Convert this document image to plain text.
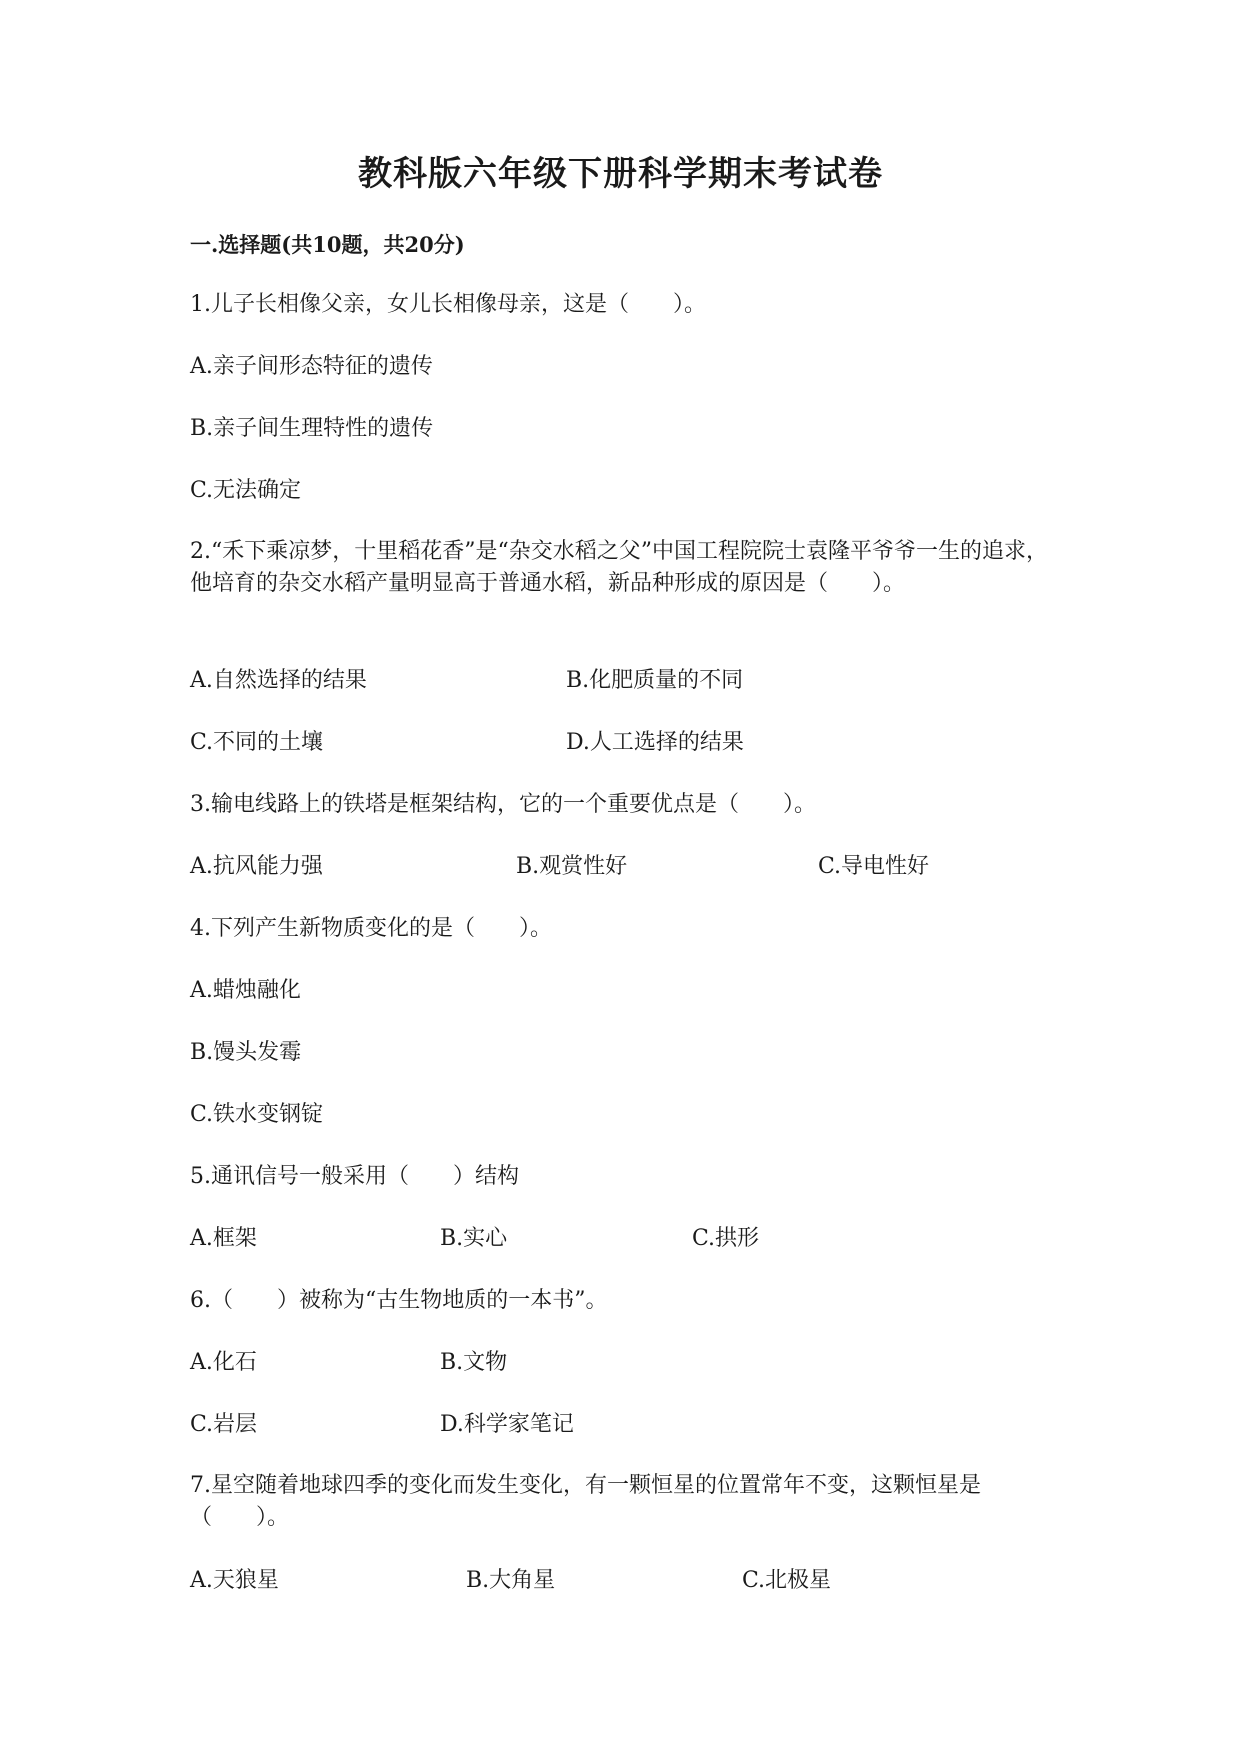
教科版六年级下册科学期末考试卷
一.选择题(共10题，共20分)

1.儿子长相像父亲，女儿长相像母亲，这是（　　）。

A.亲子间形态特征的遗传

B.亲子间生理特性的遗传

C.无法确定

2.“禾下乘凉梦，十里稻花香”是“杂交水稻之父”中国工程院院士袁隆平爷爷一生的追求，他培育的杂交水稻产量明显高于普通水稻，新品种形成的原因是（　　）。

A.自然选择的结果	B.化肥质量的不同

C.不同的土壤	D.人工选择的结果

3.输电线路上的铁塔是框架结构，它的一个重要优点是（　　）。

A.抗风能力强	B.观赏性好	C.导电性好

4.下列产生新物质变化的是（　　）。

A.蜡烛融化

B.馒头发霉

C.铁水变钢锭

5.通讯信号一般采用（　　）结构

A.框架	B.实心	C.拱形

6.（　　）被称为“古生物地质的一本书”。

A.化石	B.文物

C.岩层	D.科学家笔记

7.星空随着地球四季的变化而发生变化，有一颗恒星的位置常年不变，这颗恒星是（　　）。

A.天狼星	B.大角星	C.北极星
